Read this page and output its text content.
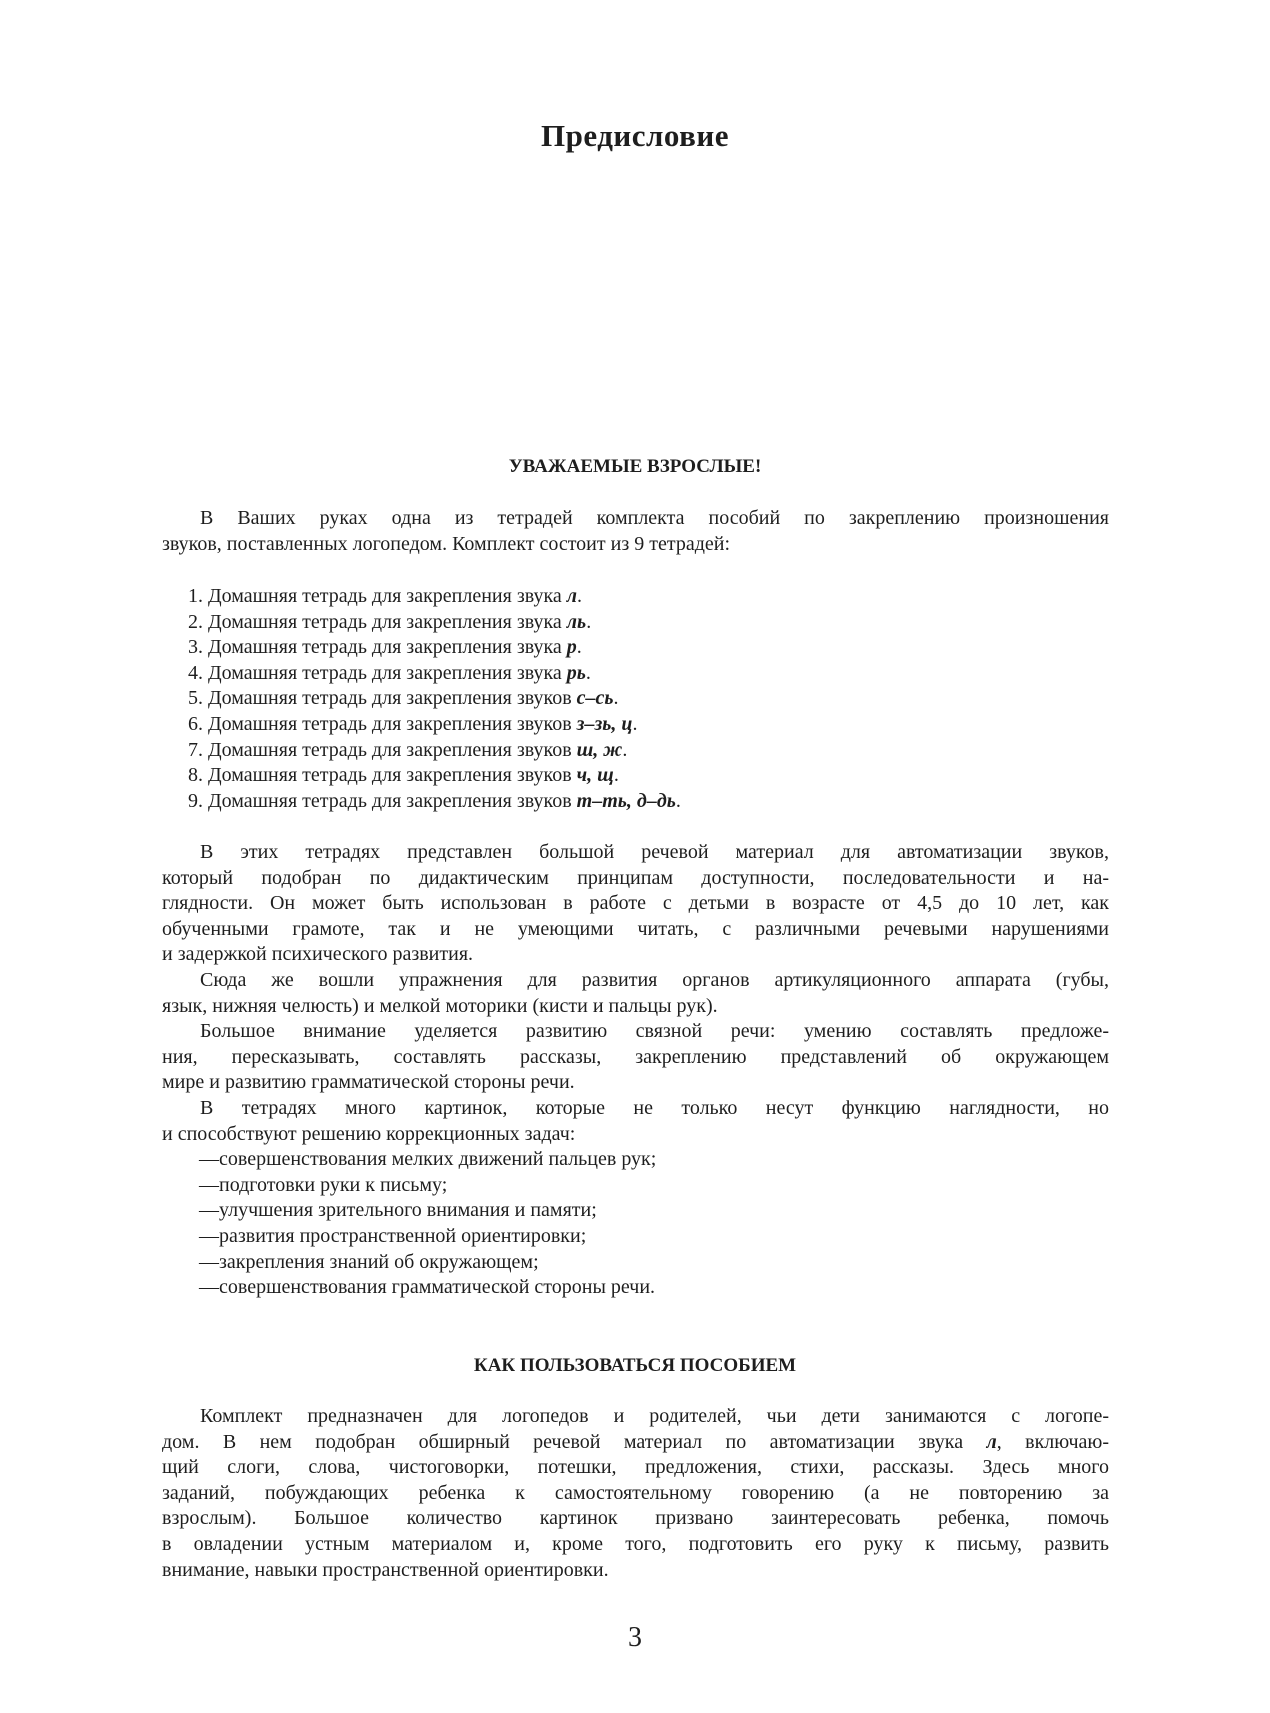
Предисловие
УВАЖАЕМЫЕ ВЗРОСЛЫЕ!
В Ваших руках одна из тетрадей комплекта пособий по закреплению произношения
звуков, поставленных логопедом. Комплект состоит из 9 тетрадей:
1. Домашняя тетрадь для закрепления звука л.
2. Домашняя тетрадь для закрепления звука ль.
3. Домашняя тетрадь для закрепления звука р.
4. Домашняя тетрадь для закрепления звука рь.
5. Домашняя тетрадь для закрепления звуков с–сь.
6. Домашняя тетрадь для закрепления звуков з–зь, ц.
7. Домашняя тетрадь для закрепления звуков ш, ж.
8. Домашняя тетрадь для закрепления звуков ч, щ.
9. Домашняя тетрадь для закрепления звуков т–ть, д–дь.
В этих тетрадях представлен большой речевой материал для автоматизации звуков,
который подобран по дидактическим принципам доступности, последовательности и на-
глядности. Он может быть использован в работе с детьми в возрасте от 4,5 до 10 лет, как
обученными грамоте, так и не умеющими читать, с различными речевыми нарушениями
и задержкой психического развития.
Сюда же вошли упражнения для развития органов артикуляционного аппарата (губы,
язык, нижняя челюсть) и мелкой моторики (кисти и пальцы рук).
Большое внимание уделяется развитию связной речи: умению составлять предложе-
ния, пересказывать, составлять рассказы, закреплению представлений об окружающем
мире и развитию грамматической стороны речи.
В тетрадях много картинок, которые не только несут функцию наглядности, но
и способствуют решению коррекционных задач:
—совершенствования мелких движений пальцев рук;
—подготовки руки к письму;
—улучшения зрительного внимания и памяти;
—развития пространственной ориентировки;
—закрепления знаний об окружающем;
—совершенствования грамматической стороны речи.
КАК ПОЛЬЗОВАТЬСЯ ПОСОБИЕМ
Комплект предназначен для логопедов и родителей, чьи дети занимаются с логопе-
дом. В нем подобран обширный речевой материал по автоматизации звука л, включаю-
щий слоги, слова, чистоговорки, потешки, предложения, стихи, рассказы. Здесь много
заданий, побуждающих ребенка к самостоятельному говорению (а не повторению за
взрослым). Большое количество картинок призвано заинтересовать ребенка, помочь
в овладении устным материалом и, кроме того, подготовить его руку к письму, развить
внимание, навыки пространственной ориентировки.
3
